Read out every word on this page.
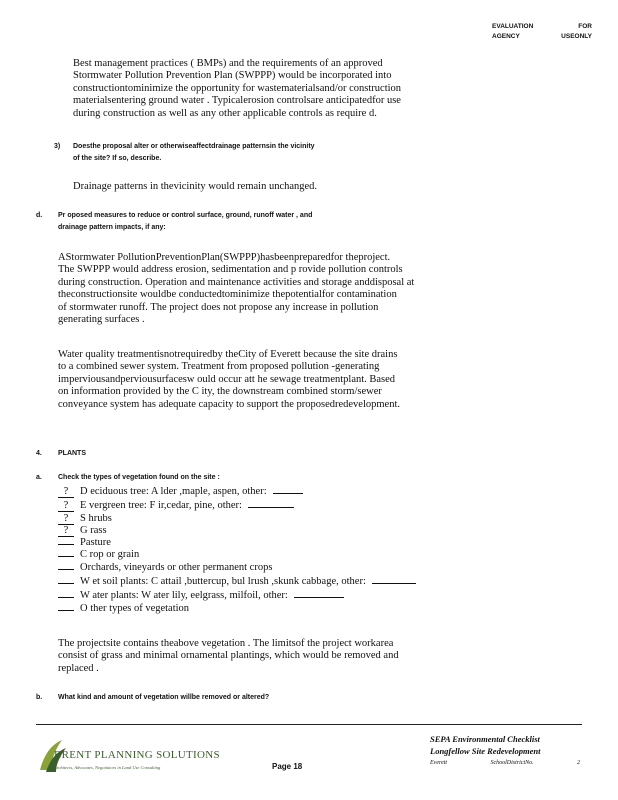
EVALUATION	FOR
AGENCY	USEONLY
Best management practices ( BMPs) and the requirements of an approved
Stormwater Pollution Prevention Plan (SWPPP) would be incorporated into
constructiontominimize the opportunity for wastematerialsand/or construction
materialsentering ground water . Typicalerosion controlsare anticipatedfor use
during construction as well as any other applicable controls as require d.
3) Doesthe proposal alter or otherwiseaffectdrainage patternsin the vicinity
of the site? If so, describe.
Drainage patterns in thevicinity would remain unchanged.
d. Pr oposed measures to reduce or control surface, ground, runoff water , and
drainage pattern impacts, if any:
AStormwater PollutionPreventionPlan(SWPPP)hasbeenpreparedfor theproject.
The SWPPP would address erosion, sedimentation and p rovide pollution controls
during construction. Operation and maintenance activities and storage anddisposal at
theconstructionsite wouldbe conductedtominimize thepotentialfor contamination
of stormwater runoff. The project does not propose any increase in pollution
generating surfaces .
Water quality treatmentisnotrequiredby theCity of Everett because the site drains
to a combined sewer system. Treatment from proposed pollution -generating
imperviousandperviousurfacesw ould occur att he sewage treatmentplant. Based
on information provided by the C ity, the downstream combined storm/sewer
conveyance system has adequate capacity to support the proposedredevelopment.
4. PLANTS
a. Check the types of vegetation found on the site :
? D eciduous tree: A lder ,maple, aspen, other:
? E vergreen tree: F ir,cedar, pine, other:
? S hrubs
? G rass
Pasture
C rop or grain
Orchards, vineyards or other permanent crops
W et soil plants: C attail ,buttercup, bul lrush ,skunk cabbage, other:
W ater plants: W ater lily, eelgrass, milfoil, other:
O ther types of vegetation
The projectsite contains theabove vegetation . The limitsof the project workarea
consist of grass and minimal ornamental plantings, which would be removed and
replaced .
b. What kind and amount of vegetation willbe removed or altered?
BRENT PLANNING SOLUTIONS
Architects, Advocates, Negotiators in Land Use Consulting	Page 18
SEPA Environmental Checklist
Longfellow Site Redevelopment
Everett	SchoolDistrictNo.	2
